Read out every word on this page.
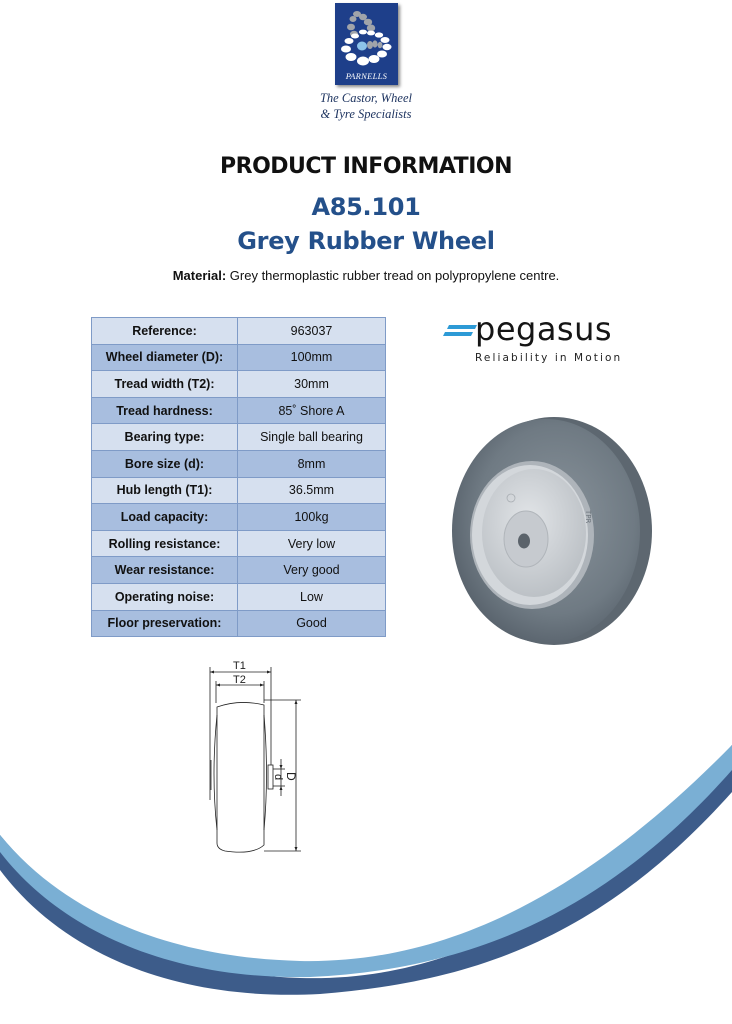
PARNELLS
The Castor, Wheel
& Tyre Specialists
PRODUCT INFORMATION
A85.101
Grey Rubber Wheel
Material: Grey thermoplastic rubber tread on polypropylene centre.
Reference:	963037
Wheel diameter (D):	100mm
Tread width (T2):	30mm
Tread hardness:	85˚ Shore A
Bearing type:	Single ball bearing
Bore size (d):	8mm
Hub length (T1):	36.5mm
Load capacity:	100kg
Rolling resistance:	Very low
Wear resistance:	Very good
Operating noise:	Low
Floor preservation:	Good
pegasus
Reliability in Motion
TPR
T1
T2
d D
